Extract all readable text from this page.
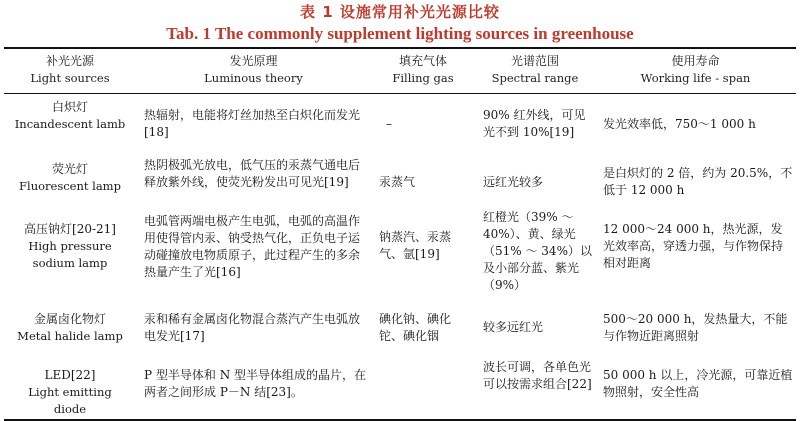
表 1 设施常用补光光源比较
Tab. 1 The commonly supplement lighting sources in greenhouse
补光光源
Light sources
发光原理
Luminous theory
填充气体
Filling gas
光谱范围
Spectral range
使用寿命
Working life - span
白炽灯
Incandescent lamb
热辐射，电能将灯丝加热至白炽化而发光[18]
–
90% 红外线，可见光不到 10%[19]
发光效率低，750～1 000 h
荧光灯
Fluorescent lamp
热阴极弧光放电，低气压的汞蒸气通电后释放紫外线，使荧光粉发出可见光[19]	汞蒸气	远红光较多
是白炽灯的 2 倍，约为 20.5%，不低于 12 000 h
高压钠灯[20-21]
High pressure sodium lamp
电弧管两端电极产生电弧，电弧的高温作用使得管内汞、钠受热气化，正负电子运动碰撞放电物质原子，此过程产生的多余热量产生了光[16]
钠蒸汽、汞蒸气、氩[19]
红橙光（39% ～ 40%）、黄、绿光（51% ～ 34%）以及小部分蓝、紫光（9%）
12 000～24 000 h，热光源，发光效率高，穿透力强，与作物保持相对距离
金属卤化物灯
Metal halide lamp
汞和稀有金属卤化物混合蒸汽产生电弧放电发光[17]
碘化钠、碘化铊、碘化铟
较多远红光
500～20 000 h，发热量大，不能与作物近距离照射
LED[22]
Light emitting diode
P 型半导体和 N 型半导体组成的晶片，在两者之间形成 P－N 结[23]。
波长可调，各单色光可以按需求组合[22]
50 000 h 以上，冷光源，可靠近植物照射，安全性高
